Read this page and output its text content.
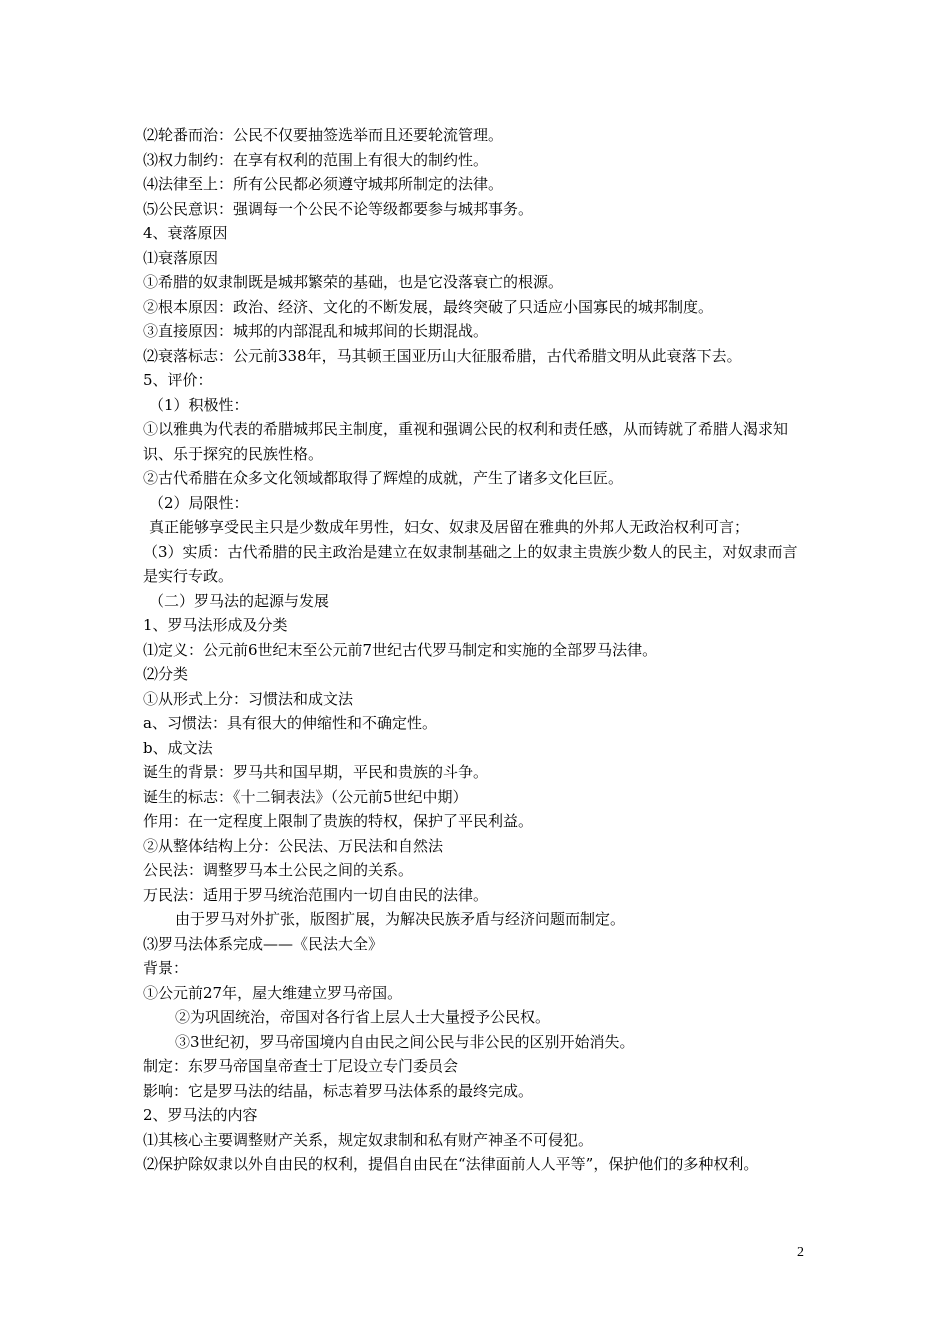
⑵轮番而治：公民不仅要抽签选举而且还要轮流管理。

⑶权力制约：在享有权利的范围上有很大的制约性。

⑷法律至上：所有公民都必须遵守城邦所制定的法律。

⑸公民意识：强调每一个公民不论等级都要参与城邦事务。

4、衰落原因

⑴衰落原因

①希腊的奴隶制既是城邦繁荣的基础，也是它没落衰亡的根源。

②根本原因：政治、经济、文化的不断发展，最终突破了只适应小国寡民的城邦制度。

③直接原因：城邦的内部混乱和城邦间的长期混战。

⑵衰落标志：公元前338年，马其顿王国亚历山大征服希腊，古代希腊文明从此衰落下去。

5、评价：

（1）积极性：

①以雅典为代表的希腊城邦民主制度，重视和强调公民的权利和责任感，从而铸就了希腊人渴求知识、乐于探究的民族性格。

②古代希腊在众多文化领域都取得了辉煌的成就，产生了诸多文化巨匠。

（2）局限性：

真正能够享受民主只是少数成年男性，妇女、奴隶及居留在雅典的外邦人无政治权利可言；

（3）实质：古代希腊的民主政治是建立在奴隶制基础之上的奴隶主贵族少数人的民主，对奴隶而言是实行专政。

（二）罗马法的起源与发展

1、罗马法形成及分类

⑴定义：公元前6世纪末至公元前7世纪古代罗马制定和实施的全部罗马法律。

⑵分类

①从形式上分：习惯法和成文法

a、习惯法：具有很大的伸缩性和不确定性。

b、成文法

诞生的背景：罗马共和国早期，平民和贵族的斗争。

诞生的标志：《十二铜表法》（公元前5世纪中期）

作用：在一定程度上限制了贵族的特权，保护了平民利益。

②从整体结构上分：公民法、万民法和自然法

公民法：调整罗马本土公民之间的关系。

万民法：适用于罗马统治范围内一切自由民的法律。

由于罗马对外扩张，版图扩展，为解决民族矛盾与经济问题而制定。

⑶罗马法体系完成——《民法大全》

背景：

①公元前27年，屋大维建立罗马帝国。

②为巩固统治，帝国对各行省上层人士大量授予公民权。

③3世纪初，罗马帝国境内自由民之间公民与非公民的区别开始消失。

制定：东罗马帝国皇帝查士丁尼设立专门委员会

影响：它是罗马法的结晶，标志着罗马法体系的最终完成。

2、罗马法的内容

⑴其核心主要调整财产关系，规定奴隶制和私有财产神圣不可侵犯。

⑵保护除奴隶以外自由民的权利，提倡自由民在“法律面前人人平等”，保护他们的多种权利。

2
